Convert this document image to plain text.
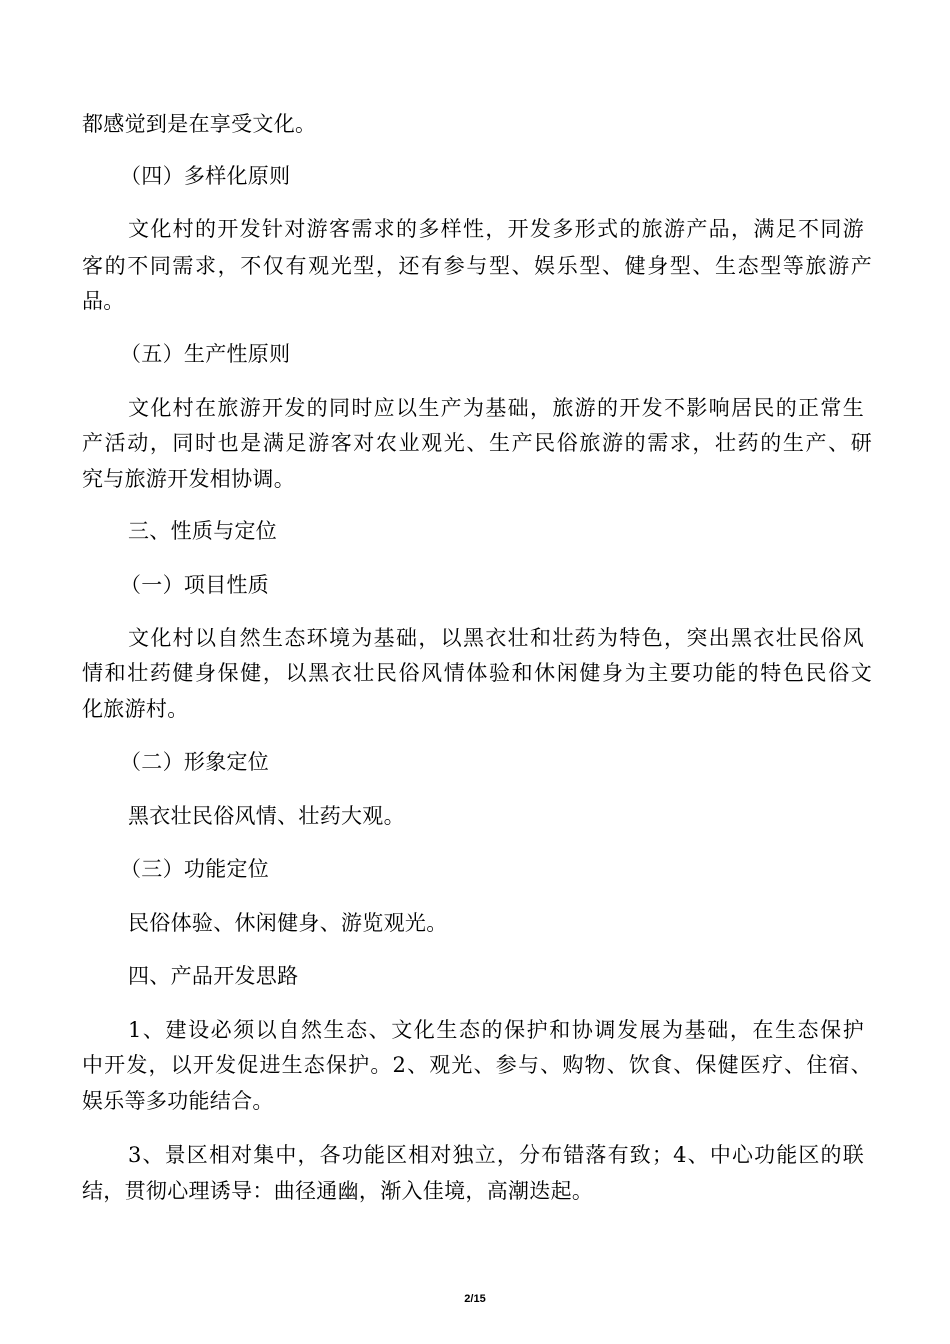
都感觉到是在享受文化。
（四）多样化原则
文化村的开发针对游客需求的多样性，开发多形式的旅游产品，满足不同游
客的不同需求，不仅有观光型，还有参与型、娱乐型、健身型、生态型等旅游产
品。
（五）生产性原则
文化村在旅游开发的同时应以生产为基础，旅游的开发不影响居民的正常生
产活动，同时也是满足游客对农业观光、生产民俗旅游的需求，壮药的生产、研
究与旅游开发相协调。
三、性质与定位
（一）项目性质
文化村以自然生态环境为基础，以黑衣壮和壮药为特色，突出黑衣壮民俗风
情和壮药健身保健，以黑衣壮民俗风情体验和休闲健身为主要功能的特色民俗文
化旅游村。
（二）形象定位
黑衣壮民俗风情、壮药大观。
（三）功能定位
民俗体验、休闲健身、游览观光。
四、产品开发思路
1、建设必须以自然生态、文化生态的保护和协调发展为基础，在生态保护
中开发，以开发促进生态保护。2、观光、参与、购物、饮食、保健医疗、住宿、
娱乐等多功能结合。
3、景区相对集中，各功能区相对独立，分布错落有致；4、中心功能区的联
结，贯彻心理诱导：曲径通幽，渐入佳境，高潮迭起。
2/15
